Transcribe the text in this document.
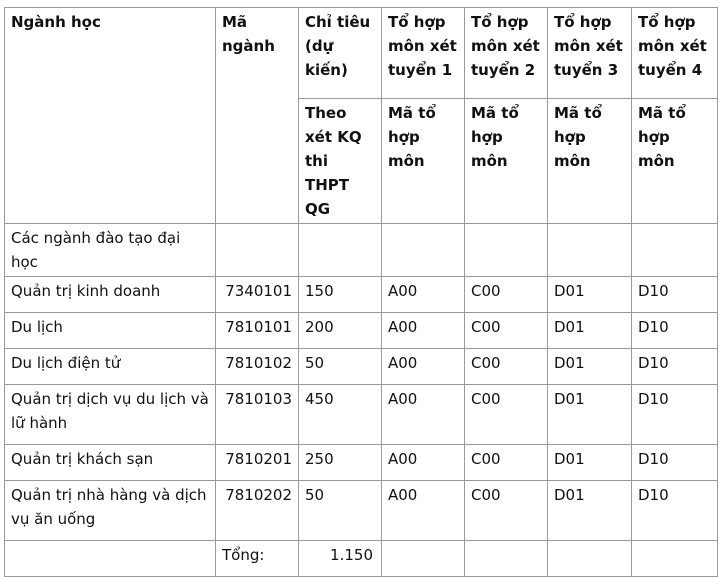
Ngành học	Mã ngành	Chỉ tiêu (dự kiến)	Tổ hợp môn xét tuyển 1	Tổ hợp môn xét tuyển 2	Tổ hợp môn xét tuyển 3	Tổ hợp môn xét tuyển 4
		Theo xét KQ thi THPT QG	Mã tổ hợp môn	Mã tổ hợp môn	Mã tổ hợp môn	Mã tổ hợp môn
Các ngành đào tạo đại học						
Quản trị kinh doanh	7340101	150	A00	C00	D01	D10
Du lịch	7810101	200	A00	C00	D01	D10
Du lịch điện tử	7810102	50	A00	C00	D01	D10
Quản trị dịch vụ du lịch và lữ hành	7810103	450	A00	C00	D01	D10
Quản trị khách sạn	7810201	250	A00	C00	D01	D10
Quản trị nhà hàng và dịch vụ ăn uống	7810202	50	A00	C00	D01	D10
	Tổng:	1.150				
